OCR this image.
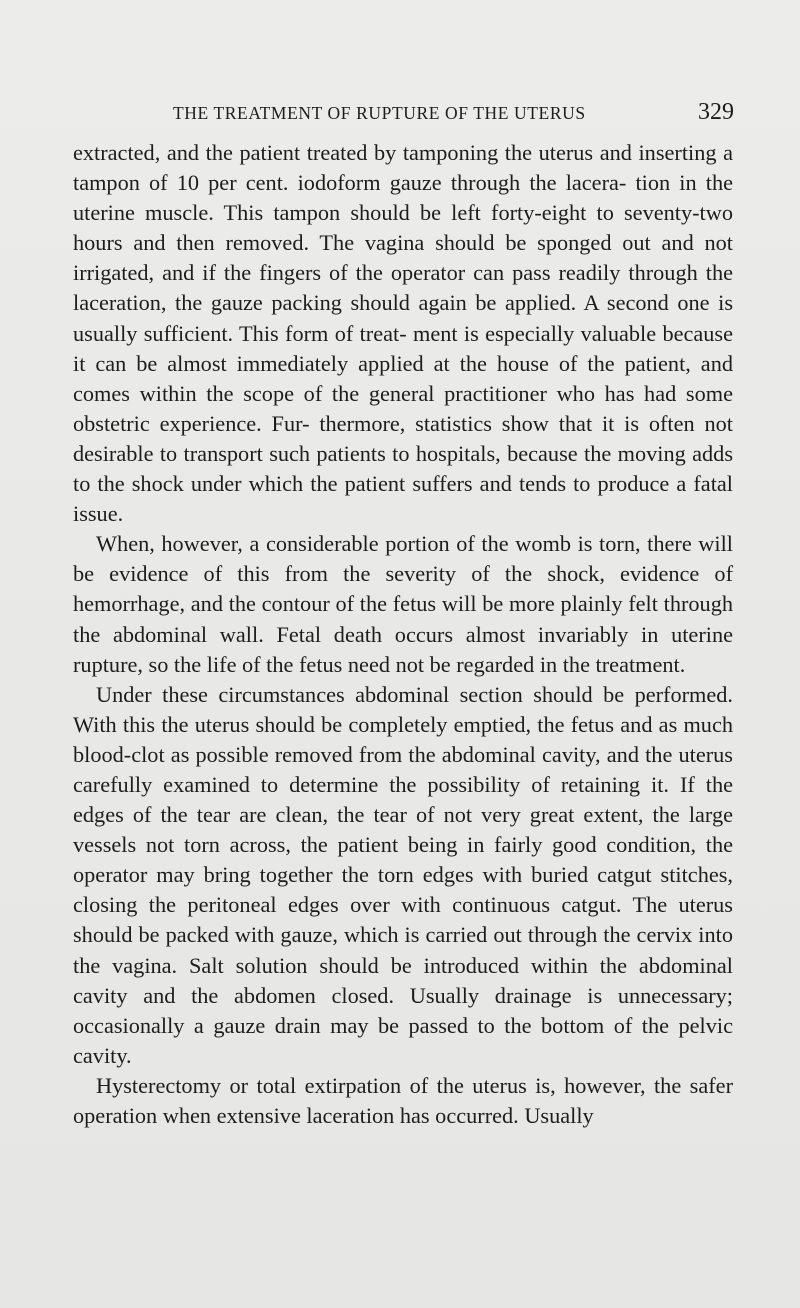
THE TREATMENT OF RUPTURE OF THE UTERUS	329

extracted, and the patient treated by tamponing the uterus and inserting a tampon of 10 per cent. iodoform gauze through the lacera- tion in the uterine muscle. This tampon should be left forty-eight to seventy-two hours and then removed. The vagina should be sponged out and not irrigated, and if the fingers of the operator can pass readily through the laceration, the gauze packing should again be applied. A second one is usually sufficient. This form of treat- ment is especially valuable because it can be almost immediately applied at the house of the patient, and comes within the scope of the general practitioner who has had some obstetric experience. Fur- thermore, statistics show that it is often not desirable to transport such patients to hospitals, because the moving adds to the shock under which the patient suffers and tends to produce a fatal issue.

When, however, a considerable portion of the womb is torn, there will be evidence of this from the severity of the shock, evidence of hemorrhage, and the contour of the fetus will be more plainly felt through the abdominal wall. Fetal death occurs almost invariably in uterine rupture, so the life of the fetus need not be regarded in the treatment.

Under these circumstances abdominal section should be performed. With this the uterus should be completely emptied, the fetus and as much blood-clot as possible removed from the abdominal cavity, and the uterus carefully examined to determine the possibility of retaining it. If the edges of the tear are clean, the tear of not very great extent, the large vessels not torn across, the patient being in fairly good condition, the operator may bring together the torn edges with buried catgut stitches, closing the peritoneal edges over with continuous catgut. The uterus should be packed with gauze, which is carried out through the cervix into the vagina. Salt solution should be introduced within the abdominal cavity and the abdomen closed. Usually drainage is unnecessary; occasionally a gauze drain may be passed to the bottom of the pelvic cavity.

Hysterectomy or total extirpation of the uterus is, however, the safer operation when extensive laceration has occurred. Usually
